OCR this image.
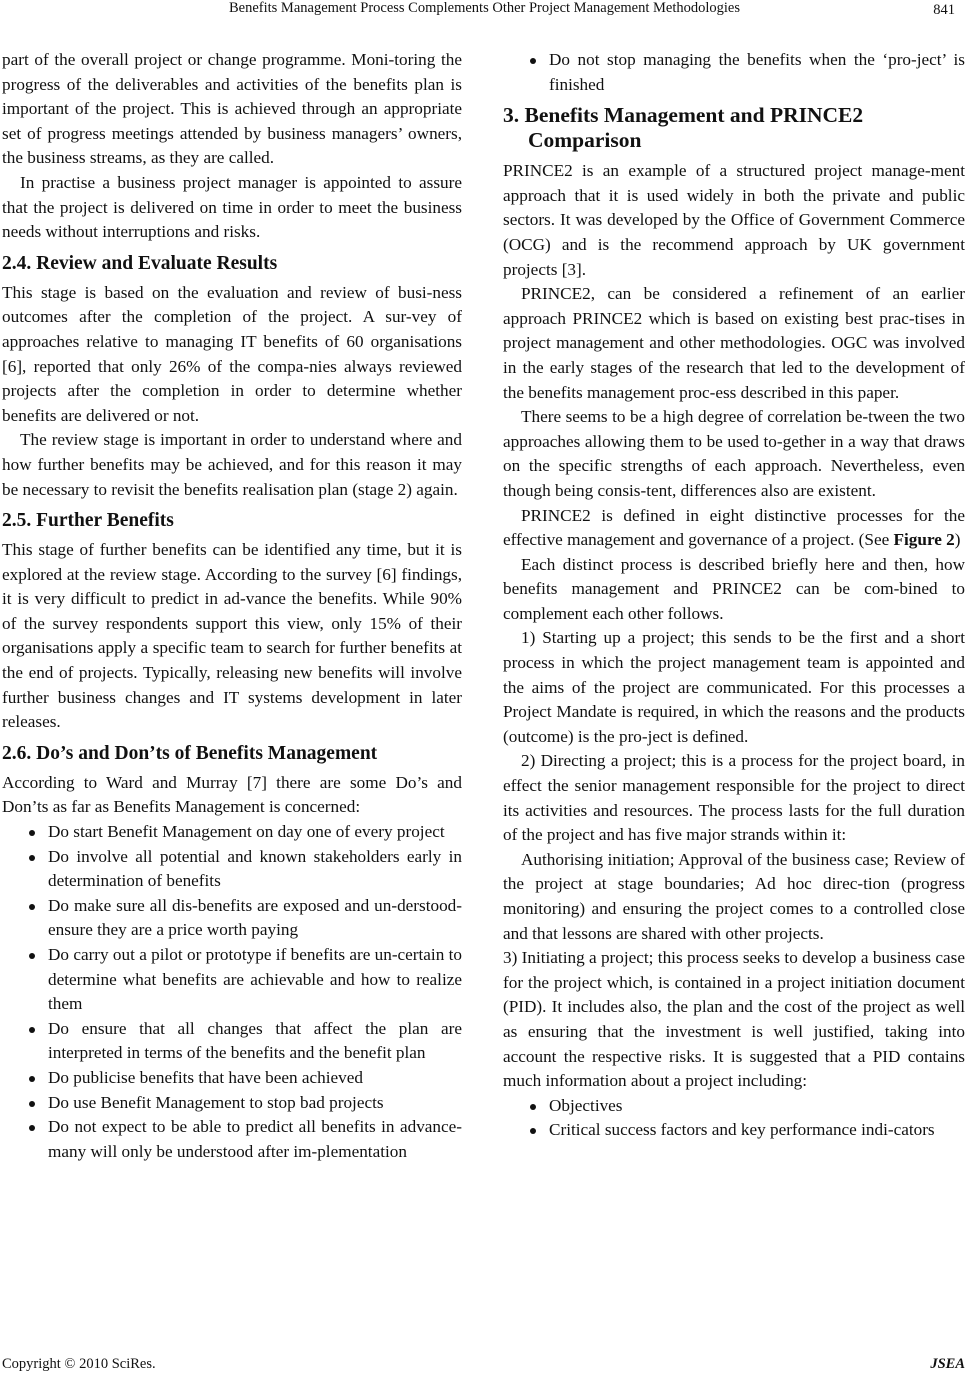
Benefits Management Process Complements Other Project Management Methodologies	841

part of the overall project or change programme. Moni-toring the progress of the deliverables and activities of the benefits plan is important of the project. This is achieved through an appropriate set of progress meetings attended by business managers’ owners, the business streams, as they are called.

In practise a business project manager is appointed to assure that the project is delivered on time in order to meet the business needs without interruptions and risks.

2.4. Review and Evaluate Results

This stage is based on the evaluation and review of busi-ness outcomes after the completion of the project. A sur-vey of approaches relative to managing IT benefits of 60 organisations [6], reported that only 26% of the compa-nies always reviewed projects after the completion in order to determine whether benefits are delivered or not.

The review stage is important in order to understand where and how further benefits may be achieved, and for this reason it may be necessary to revisit the benefits realisation plan (stage 2) again.

2.5. Further Benefits

This stage of further benefits can be identified any time, but it is explored at the review stage. According to the survey [6] findings, it is very difficult to predict in ad-vance the benefits. While 90% of the survey respondents support this view, only 15% of their organisations apply a specific team to search for further benefits at the end of projects. Typically, releasing new benefits will involve further business changes and IT systems development in later releases.

2.6. Do’s and Don’ts of Benefits Management

According to Ward and Murray [7] there are some Do’s and Don’ts as far as Benefits Management is concerned:

Do start Benefit Management on day one of every project
Do involve all potential and known stakeholders early in determination of benefits
Do make sure all dis-benefits are exposed and un-derstood-ensure they are a price worth paying
Do carry out a pilot or prototype if benefits are un-certain to determine what benefits are achievable and how to realize them
Do ensure that all changes that affect the plan are interpreted in terms of the benefits and the benefit plan
Do publicise benefits that have been achieved
Do use Benefit Management to stop bad projects
Do not expect to be able to predict all benefits in advance-many will only be understood after im-plementation
Do not stop managing the benefits when the ‘pro-ject’ is finished
3. Benefits Management and PRINCE2 Comparison

PRINCE2 is an example of a structured project manage-ment approach that it is used widely in both the private and public sectors. It was developed by the Office of Government Commerce (OCG) and is the recommend approach by UK government projects [3].

PRINCE2, can be considered a refinement of an earlier approach PRINCE2 which is based on existing best prac-tises in project management and other methodologies. OGC was involved in the early stages of the research that led to the development of the benefits management proc-ess described in this paper.

There seems to be a high degree of correlation be-tween the two approaches allowing them to be used to-gether in a way that draws on the specific strengths of each approach. Nevertheless, even though being consis-tent, differences also are existent.

PRINCE2 is defined in eight distinctive processes for the effective management and governance of a project. (See Figure 2)

Each distinct process is described briefly here and then, how benefits management and PRINCE2 can be com-bined to complement each other follows.

1) Starting up a project; this sends to be the first and a short process in which the project management team is appointed and the aims of the project are communicated. For this processes a Project Mandate is required, in which the reasons and the products (outcome) is the pro-ject is defined.

2) Directing a project; this is a process for the project board, in effect the senior management responsible for the project to direct its activities and resources. The process lasts for the full duration of the project and has five major strands within it:

Authorising initiation; Approval of the business case; Review of the project at stage boundaries; Ad hoc direc-tion (progress monitoring) and ensuring the project comes to a controlled close and that lessons are shared with other projects.

3) Initiating a project; this process seeks to develop a business case for the project which, is contained in a project initiation document (PID). It includes also, the plan and the cost of the project as well as ensuring that the investment is well justified, taking into account the respective risks. It is suggested that a PID contains much information about a project including:

Objectives
Critical success factors and key performance indi-cators
Copyright © 2010 SciRes.	JSEA
